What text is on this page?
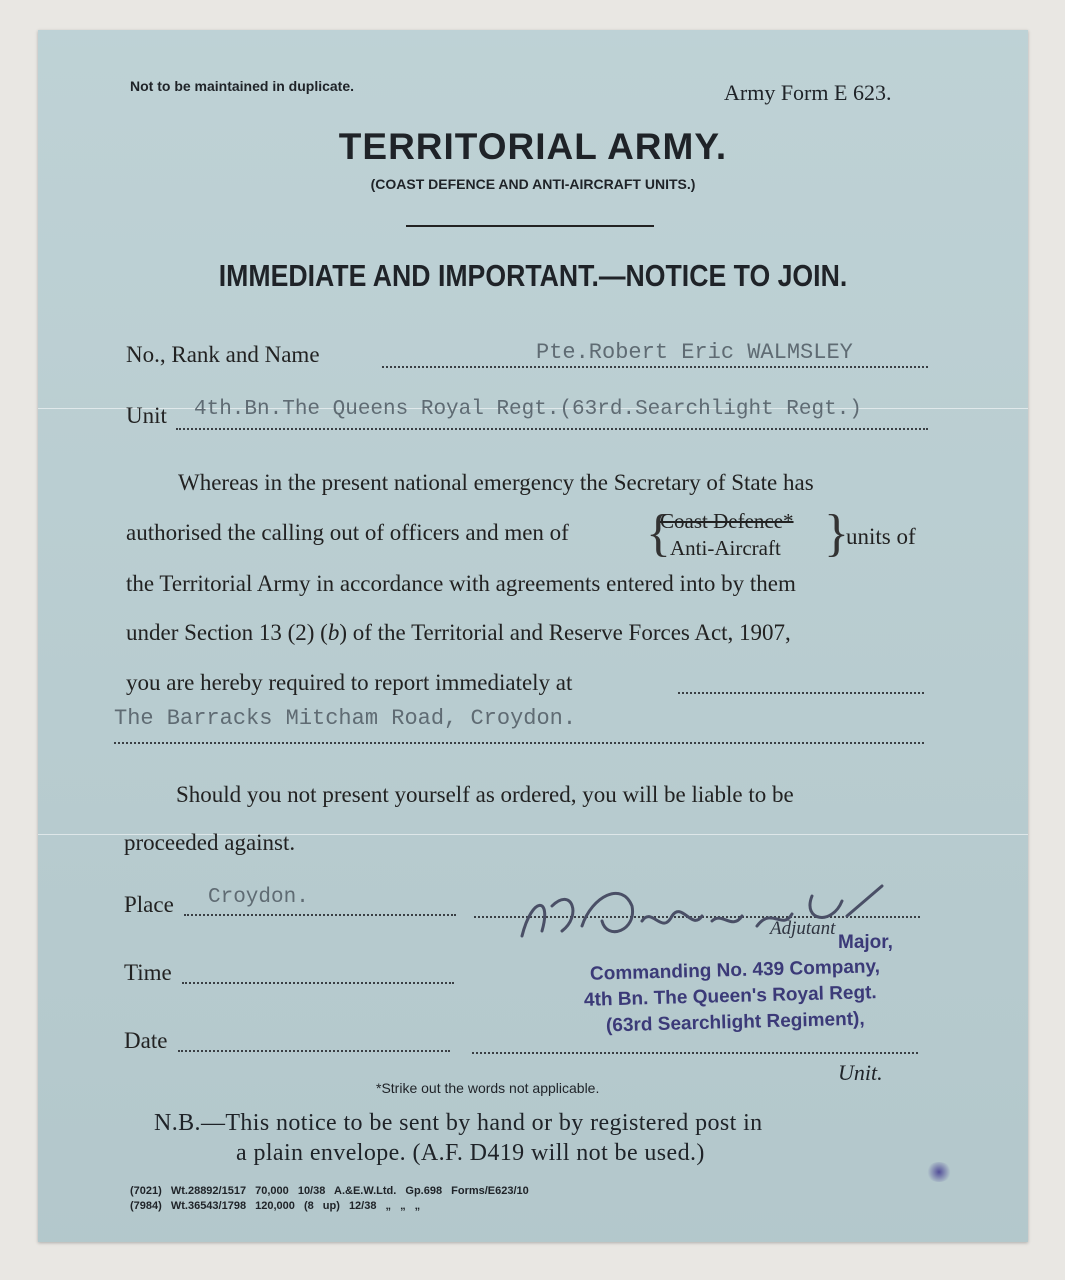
Not to be maintained in duplicate.	Army Form E 623.
TERRITORIAL ARMY.
(COAST DEFENCE AND ANTI-AIRCRAFT UNITS.)
IMMEDIATE AND IMPORTANT.—NOTICE TO JOIN.
No., Rank and Name	Pte.Robert Eric WALMSLEY
Unit 4th.Bn.The Queens Royal Regt.(63rd.Searchlight Regt.)
Whereas in the present national emergency the Secretary of State has
authorised the calling out of officers and men of {
Coast Defence*
Anti-Aircraft }
units of
the Territorial Army in accordance with agreements entered into by them
under Section 13 (2) (b) of the Territorial and Reserve Forces Act, 1907,
you are hereby required to report immediately at
The Barracks Mitcham Road, Croydon.
Should you not present yourself as ordered, you will be liable to be
proceeded against.
Place Croydon.
Time
Date
Adjutant
Major,
Commanding No. 439 Company,
4th Bn. The Queen's Royal Regt.
(63rd Searchlight Regiment),
Unit.
*Strike out the words not applicable.
N.B.—This notice to be sent by hand or by registered post in
a plain envelope. (A.F. D419 will not be used.)
(7021) Wt.28892/1517 70,000 10/38 A.&E.W.Ltd. Gp.698 Forms/E623/10
(7984) Wt.36543/1798 120,000 (8 up) 12/38 „ „ „
